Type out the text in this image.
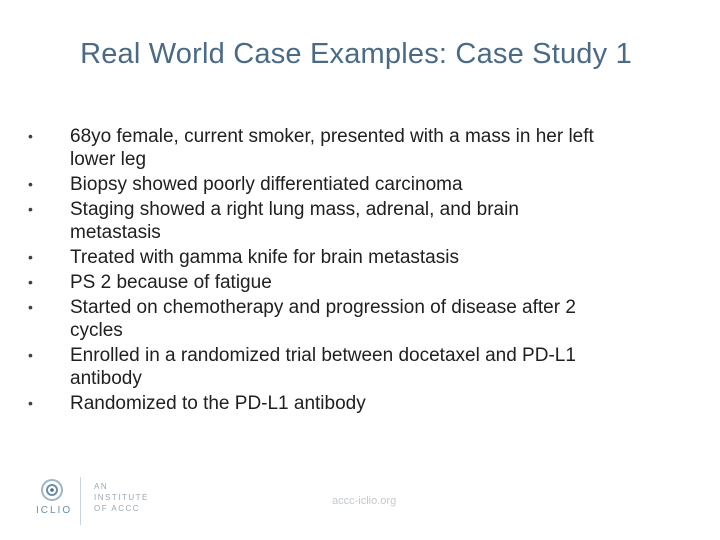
Real World Case Examples: Case Study 1
•	68yo female, current smoker, presented with a mass in her left
lower leg
•	Biopsy showed poorly differentiated carcinoma
•	Staging showed a right lung mass, adrenal, and brain
metastasis
•	Treated with gamma knife for brain metastasis
•	PS 2 because of fatigue
•	Started on chemotherapy and progression of disease after 2
cycles
•	Enrolled in a randomized trial between docetaxel and PD-L1
antibody
•	Randomized to the PD-L1 antibody
ICLIO
AN
INSTITUTE
OF ACCC
accc-iclio.org
